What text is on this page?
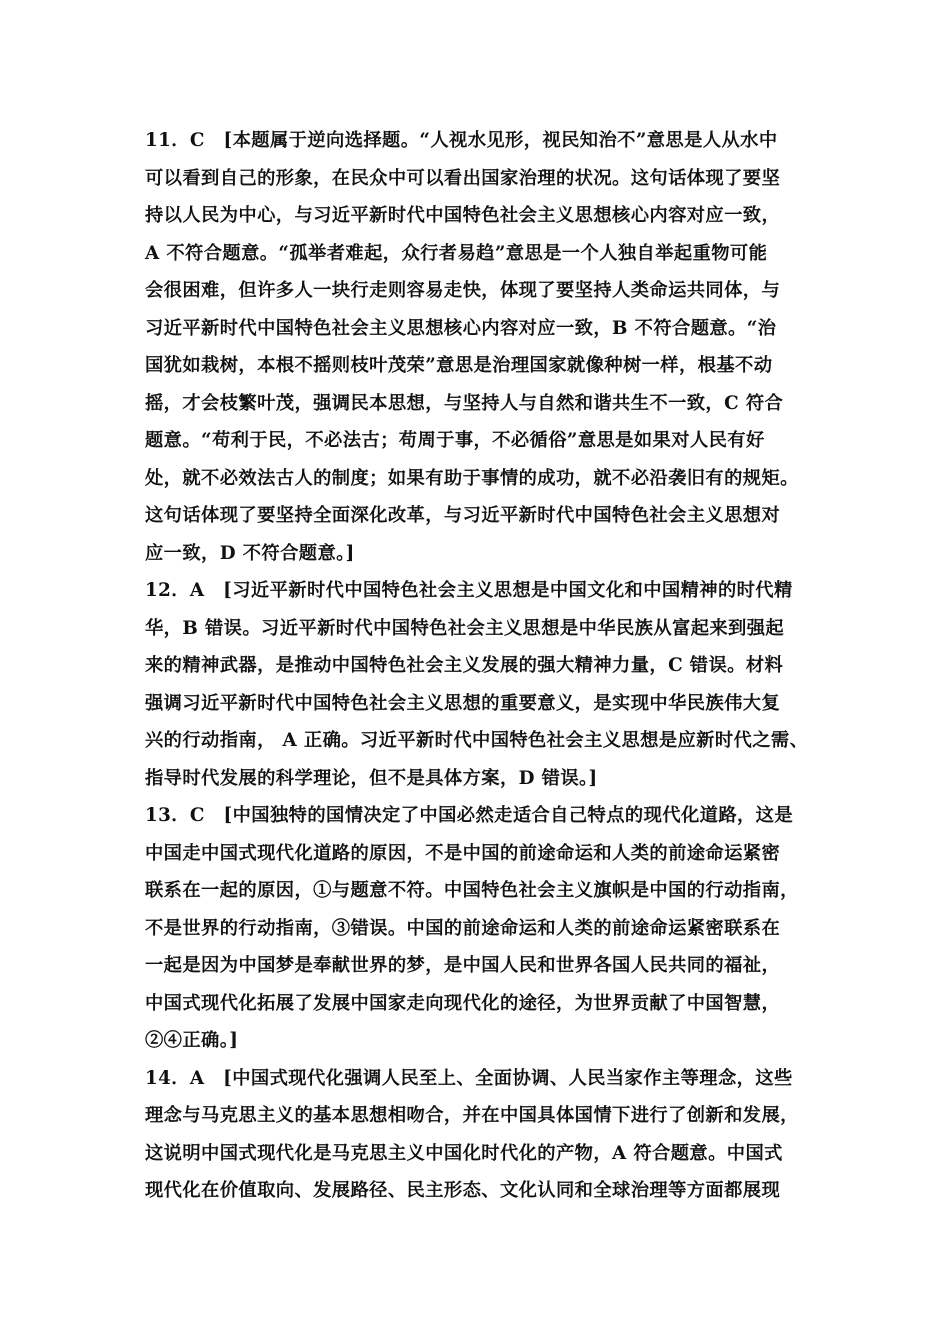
11．C　[本题属于逆向选择题。“人视水见形，视民知治不”意思是人从水中
可以看到自己的形象，在民众中可以看出国家治理的状况。这句话体现了要坚
持以人民为中心，与习近平新时代中国特色社会主义思想核心内容对应一致，
A 不符合题意。“孤举者难起，众行者易趋”意思是一个人独自举起重物可能
会很困难，但许多人一块行走则容易走快，体现了要坚持人类命运共同体，与
习近平新时代中国特色社会主义思想核心内容对应一致，B 不符合题意。“治
国犹如栽树，本根不摇则枝叶茂荣”意思是治理国家就像种树一样，根基不动
摇，才会枝繁叶茂，强调民本思想，与坚持人与自然和谐共生不一致，C 符合
题意。“苟利于民，不必法古；苟周于事，不必循俗”意思是如果对人民有好
处，就不必效法古人的制度；如果有助于事情的成功，就不必沿袭旧有的规矩。
这句话体现了要坚持全面深化改革，与习近平新时代中国特色社会主义思想对
应一致，D 不符合题意。]
12．A　[习近平新时代中国特色社会主义思想是中国文化和中国精神的时代精
华，B 错误。习近平新时代中国特色社会主义思想是中华民族从富起来到强起
来的精神武器，是推动中国特色社会主义发展的强大精神力量，C 错误。材料
强调习近平新时代中国特色社会主义思想的重要意义，是实现中华民族伟大复
兴的行动指南， A 正确。习近平新时代中国特色社会主义思想是应新时代之需、
指导时代发展的科学理论，但不是具体方案，D 错误。]
13．C　[中国独特的国情决定了中国必然走适合自己特点的现代化道路，这是
中国走中国式现代化道路的原因，不是中国的前途命运和人类的前途命运紧密
联系在一起的原因，①与题意不符。中国特色社会主义旗帜是中国的行动指南，
不是世界的行动指南，③错误。中国的前途命运和人类的前途命运紧密联系在
一起是因为中国梦是奉献世界的梦，是中国人民和世界各国人民共同的福祉，
中国式现代化拓展了发展中国家走向现代化的途径，为世界贡献了中国智慧，
②④正确。]
14．A　[中国式现代化强调人民至上、全面协调、人民当家作主等理念，这些
理念与马克思主义的基本思想相吻合，并在中国具体国情下进行了创新和发展，
这说明中国式现代化是马克思主义中国化时代化的产物，A 符合题意。中国式
现代化在价值取向、发展路径、民主形态、文化认同和全球治理等方面都展现
